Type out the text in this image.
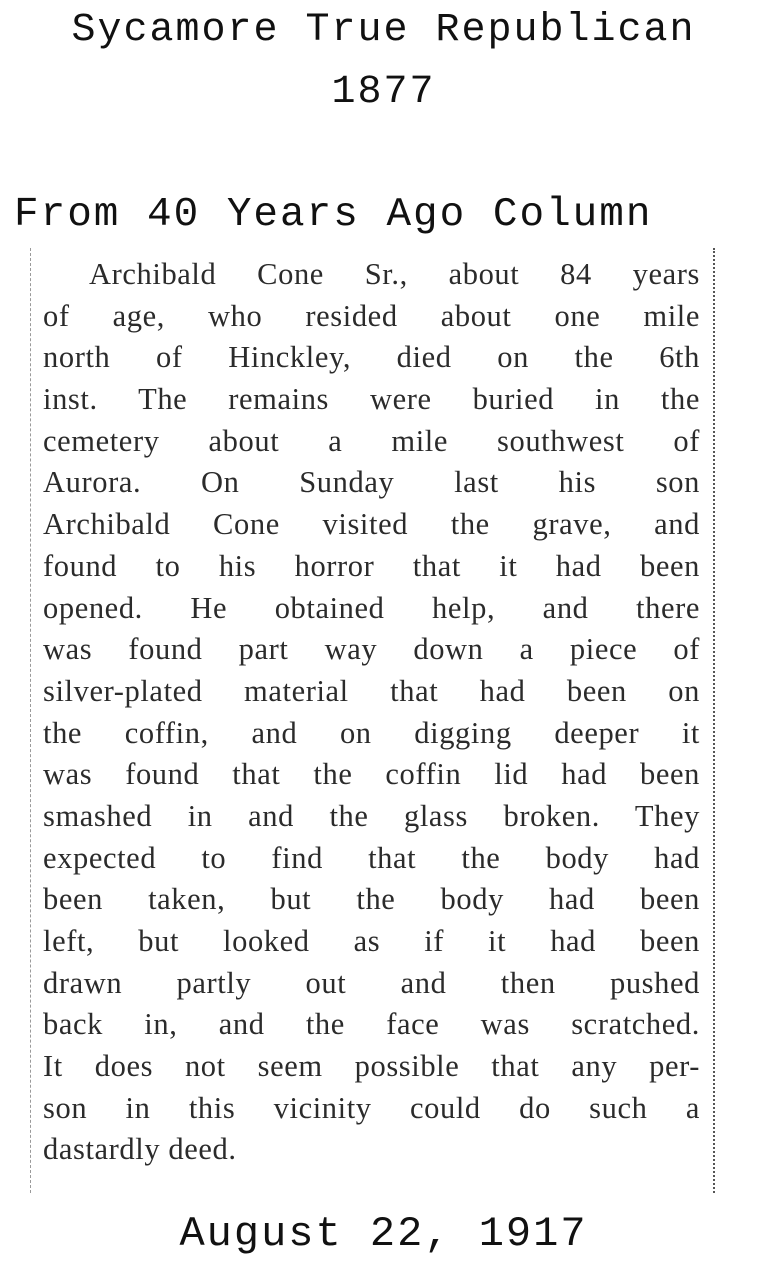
Sycamore True Republican
1877
From 40 Years Ago Column
Archibald Cone Sr., about 84 years
of age, who resided about one mile
north of Hinckley, died on the 6th
inst. The remains were buried in the
cemetery about a mile southwest of
Aurora. On Sunday last his son
Archibald Cone visited the grave, and
found to his horror that it had been
opened. He obtained help, and there
was found part way down a piece of
silver-plated material that had been on
the coffin, and on digging deeper it
was found that the coffin lid had been
smashed in and the glass broken. They
expected to find that the body had
been taken, but the body had been
left, but looked as if it had been
drawn partly out and then pushed
back in, and the face was scratched.
It does not seem possible that any per-
son in this vicinity could do such a
dastardly deed.
August 22, 1917
